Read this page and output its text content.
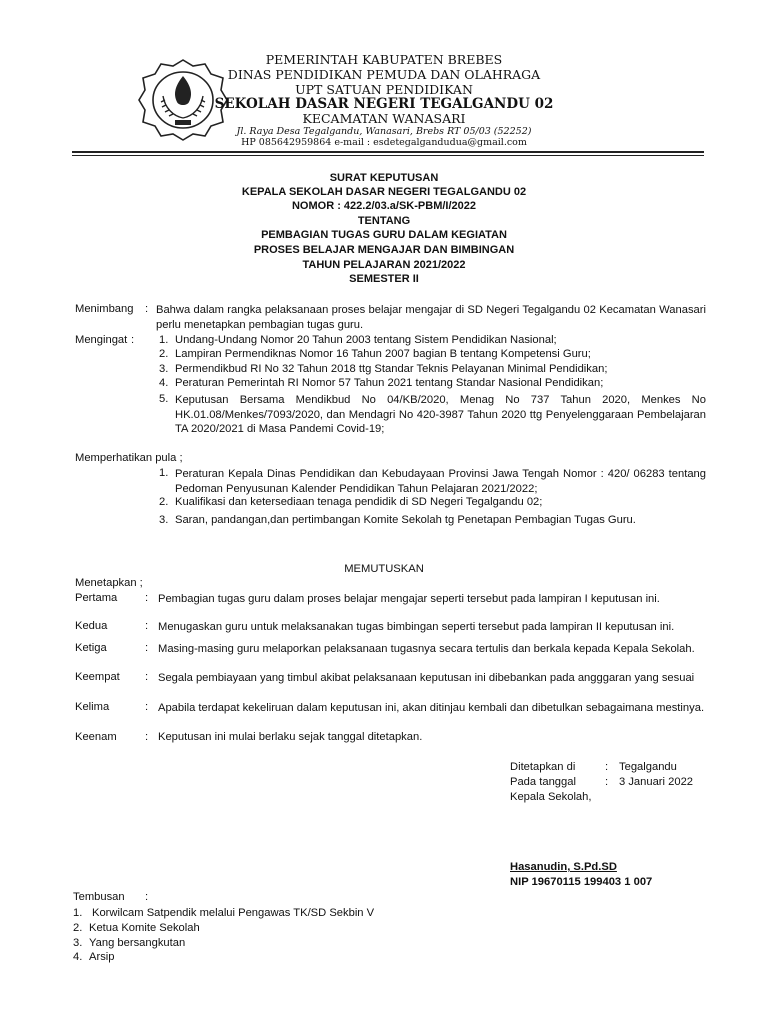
PEMERINTAH KABUPATEN BREBES
DINAS PENDIDIKAN PEMUDA DAN OLAHRAGA
UPT SATUAN PENDIDIKAN
SEKOLAH DASAR NEGERI TEGALGANDU 02
KECAMATAN WANASARI
Jl. Raya Desa Tegalgandu, Wanasari, Brebs RT 05/03 (52252)
HP 085642959864 e-mail : esdetegalgandudua@gmail.com
SURAT KEPUTUSAN
KEPALA SEKOLAH DASAR NEGERI TEGALGANDU 02
NOMOR : 422.2/03.a/SK-PBM/I/2022
TENTANG
PEMBAGIAN TUGAS GURU DALAM KEGIATAN
PROSES BELAJAR MENGAJAR DAN BIMBINGAN
TAHUN PELAJARAN 2021/2022
SEMESTER II
Menimbang : Bahwa dalam rangka pelaksanaan proses belajar mengajar di SD Negeri Tegalgandu 02 Kecamatan Wanasari perlu menetapkan pembagian tugas guru.
Mengingat : 1. Undang-Undang Nomor 20 Tahun 2003 tentang Sistem Pendidikan Nasional;
2. Lampiran Permendiknas Nomor 16 Tahun 2007 bagian B tentang Kompetensi Guru;
3. Permendikbud RI No 32 Tahun 2018 ttg Standar Teknis Pelayanan Minimal Pendidikan;
4. Peraturan Pemerintah RI Nomor 57 Tahun 2021 tentang Standar Nasional Pendidikan;
5. Keputusan Bersama Mendikbud No 04/KB/2020, Menag No 737 Tahun 2020, Menkes No HK.01.08/Menkes/7093/2020, dan Mendagri No 420-3987 Tahun 2020 ttg Penyelenggaraan Pembelajaran TA 2020/2021 di Masa Pandemi Covid-19;
Memperhatikan pula ;
1. Peraturan Kepala Dinas Pendidikan dan Kebudayaan Provinsi Jawa Tengah Nomor : 420/ 06283 tentang Pedoman Penyusunan Kalender Pendidikan Tahun Pelajaran 2021/2022;
2. Kualifikasi dan ketersediaan tenaga pendidik di SD Negeri Tegalgandu 02;
3. Saran, pandangan,dan pertimbangan Komite Sekolah tg Penetapan Pembagian Tugas Guru.
MEMUTUSKAN
Menetapkan ;
Pertama : Pembagian tugas guru dalam proses belajar mengajar seperti tersebut pada lampiran I keputusan ini.
Kedua	: Menugaskan guru untuk melaksanakan tugas bimbingan seperti tersebut pada lampiran II keputusan ini.
Ketiga	: Masing-masing guru melaporkan pelaksanaan tugasnya secara tertulis dan berkala kepada Kepala Sekolah.
Keempat : Segala pembiayaan yang timbul akibat pelaksanaan keputusan ini dibebankan pada angggaran yang sesuai
Kelima	: Apabila terdapat kekeliruan dalam keputusan ini, akan ditinjau kembali dan dibetulkan sebagaimana mestinya.
Keenam	: Keputusan ini mulai berlaku sejak tanggal ditetapkan.
Ditetapkan di	: Tegalgandu
Pada tanggal	: 3 Januari 2022
Kepala Sekolah,
Hasanudin, S.Pd.SD
NIP 19670115 199403 1 007
Tembusan :
1. Korwilcam Satpendik melalui Pengawas TK/SD Sekbin V
2. Ketua Komite Sekolah
3. Yang bersangkutan
4. Arsip
